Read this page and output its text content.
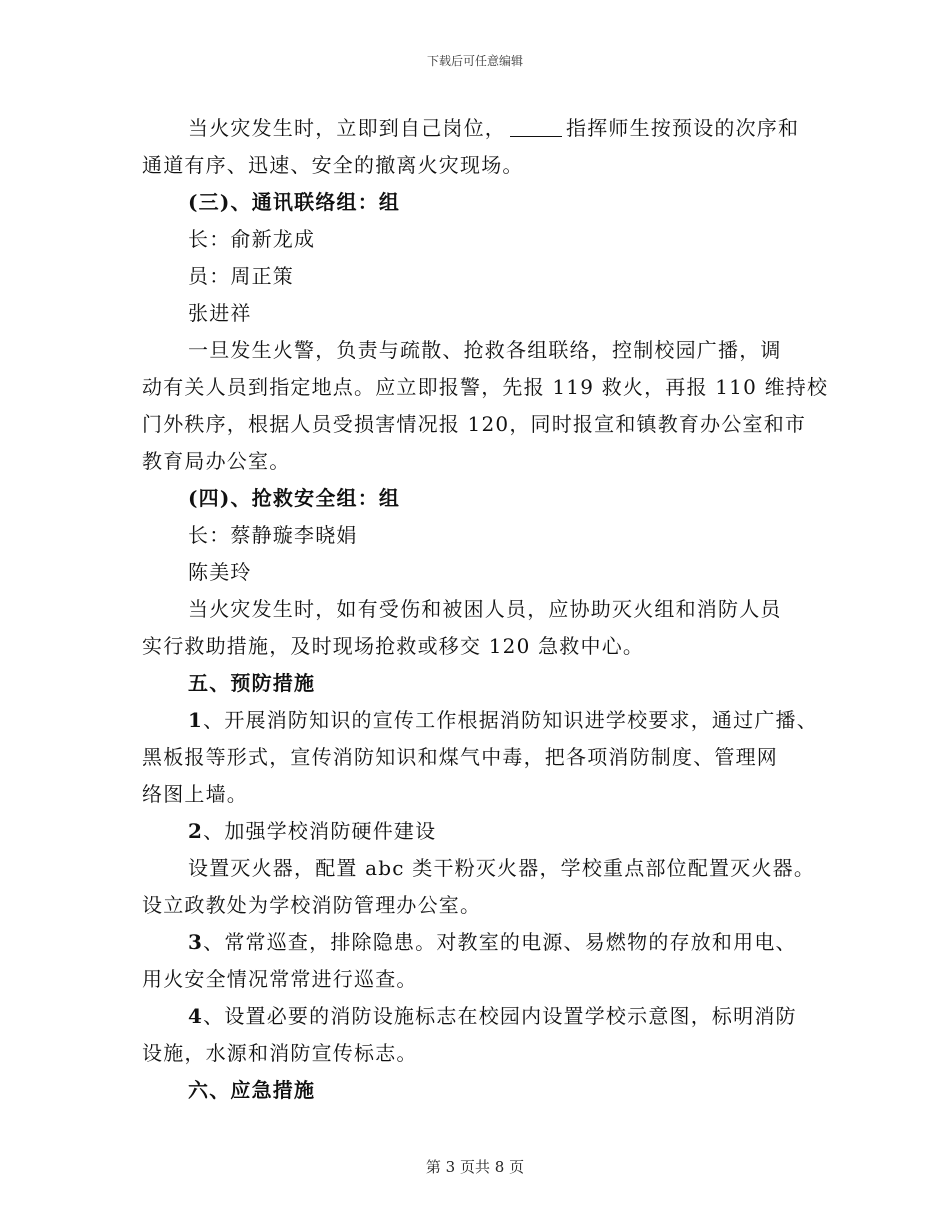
下载后可任意编辑

当火灾发生时，立即到自己岗位，	指挥师生按预设的次序和

通道有序、迅速、安全的撤离火灾现场。

(三)、通讯联络组：组

长：俞新龙成

员：周正策

张进祥

一旦发生火警，负责与疏散、抢救各组联络，控制校园广播，调

动有关人员到指定地点。应立即报警，先报 119 救火，再报 110 维持校

门外秩序，根据人员受损害情况报 120，同时报宣和镇教育办公室和市

教育局办公室。

(四)、抢救安全组：组

长：蔡静璇李晓娟

陈美玲

当火灾发生时，如有受伤和被困人员，应协助灭火组和消防人员

实行救助措施，及时现场抢救或移交 120 急救中心。

五、预防措施

1、开展消防知识的宣传工作根据消防知识进学校要求，通过广播、

黑板报等形式，宣传消防知识和煤气中毒，把各项消防制度、管理网

络图上墙。

2、加强学校消防硬件建设

设置灭火器，配置 abc 类干粉灭火器，学校重点部位配置灭火器。

设立政教处为学校消防管理办公室。

3、常常巡查，排除隐患。对教室的电源、易燃物的存放和用电、

用火安全情况常常进行巡查。

4、设置必要的消防设施标志在校园内设置学校示意图，标明消防

设施，水源和消防宣传标志。

六、应急措施

第 3 页共 8 页
